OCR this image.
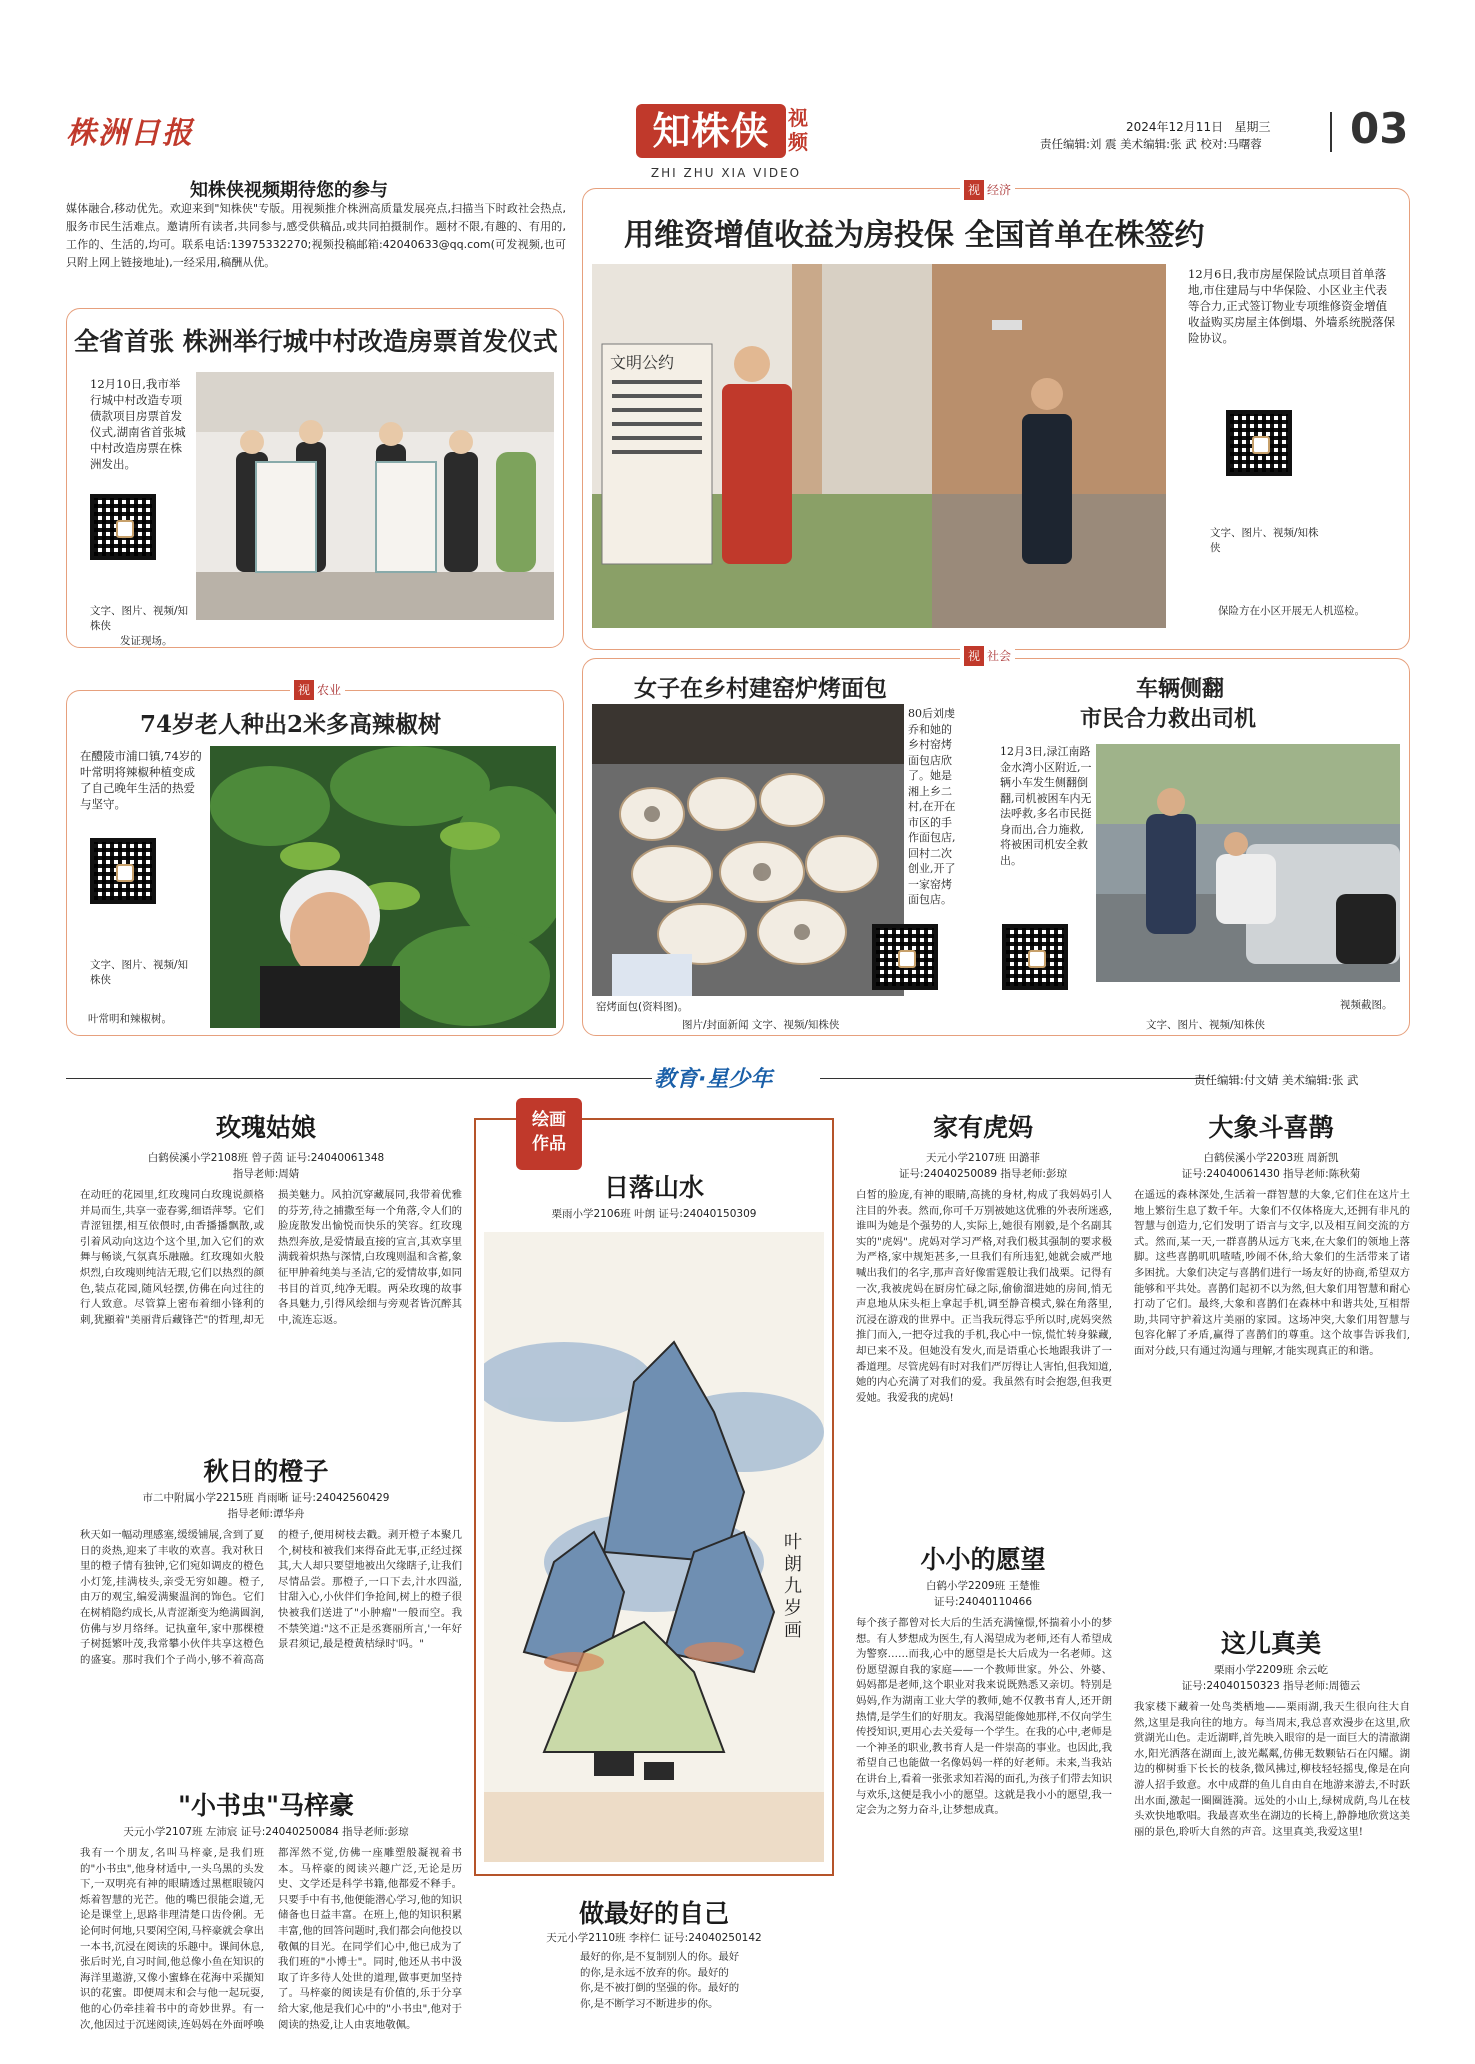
株洲日报	知株侠 视频
ZHI ZHU XIA VIDEO
2024年12月11日 星期三
责任编辑:刘 震 美术编辑:张 武 校对:马曙蓉 03
知株侠视频期待您的参与
媒体融合,移动优先。欢迎来到"知株侠"专版。用视频推介株洲高质量发展亮点,扫描当下时政社会热点,服务市民生活难点。邀请所有读者,共同参与,感受供稿品,或共同拍摄制作。题材不限,有趣的、有用的,工作的、生活的,均可。联系电话:13975332270;视频投稿邮箱:42040633@qq.com(可发视频,也可只附上网上链接地址),一经采用,稿酬从优。
全省首张 株洲举行城中村改造房票首发仪式
12月10日,我市举行城中村改造专项债款项目房票首发仪式,湖南省首张城中村改造房票在株洲发出。
文字、图片、视频/知株侠
发证现场。
视 经济
用维资增值收益为房投保 全国首单在株签约
文明公约
12月6日,我市房屋保险试点项目首单落地,市住建局与中华保险、小区业主代表等合力,正式签订物业专项维修资金增值收益购买房屋主体倒塌、外墙系统脱落保险协议。
文字、图片、视频/知株侠
保险方在小区开展无人机巡检。
视 农业
74岁老人种出2米多高辣椒树
在醴陵市浦口镇,74岁的叶常明将辣椒种植变成了自己晚年生活的热爱与坚守。
文字、图片、视频/知株侠
叶常明和辣椒树。
视 社会
女子在乡村建窑炉烤面包
80后刘虔乔和她的乡村窑烤面包店欣了。她是湘上乡二村,在开在市区的手作面包店,回村二次创业,开了一家窑烤面包店。
窑烤面包(资料图)。
图片/封面新闻 文字、视频/知株侠
车辆侧翻
市民合力救出司机
12月3日,渌江南路金水湾小区附近,一辆小车发生侧翻倒翻,司机被困车内无法呼救,多名市民挺身而出,合力施救,将被困司机安全救出。
视频截图。
文字、图片、视频/知株侠
教育·星少年	责任编辑:付文婧 美术编辑:张 武
玫瑰姑娘
白鹤侯溪小学2108班 曾子茵 证号:24040061348
指导老师:周婧
在动旺的花园里,红玫瑰同白玫瑰说颜格并局而生,共享一壶春雾,细语萍琴。它们青涩钮摆,相互依偎时,由香播播飘散,或引着风动向这边个这个里,加入它们的欢舞与畅谈,气氛真乐融融。红玫瑰如火般炽烈,白玫瑰则纯洁无瑕,它们以热烈的颜色,装点花园,随风轻摆,仿佛在向过往的行人致意。尽管算上密布着细小锋利的刺,犹顯着"美丽背后藏锋芒"的哲理,却无损美魅力。风拍沉穿藏展同,我带着优雅的芬芳,待之捕撒至每一个角落,令人们的脸庞散发出愉悦而快乐的笑容。红玫瑰热烈奔放,是爱情最直接的宣言,其欢享里满载着炽热与深情,白玫瑰则温和含蓄,象征甲肿着纯美与圣洁,它的爱情故事,如同书目的首页,纯净无暇。两朵玫瑰的故事各具魅力,引得风绘细与旁观者皆沉醉其中,流连忘返。
秋日的橙子
市二中附属小学2215班 肖雨晰 证号:24042560429
指导老师:谭华舟
秋天如一幅动理感塞,缓缓铺展,含到了夏日的炎热,迎来了丰收的欢喜。我对秋日里的橙子情有独钟,它们宛如调皮的橙色小灯笼,挂满枝头,亲受无穷如趣。橙子,由万的观宝,编爱满聚温润的饰色。它们在树梢隐约成长,从青涩渐变为绝满圆润,仿佛与岁月络绎。记执童年,家中那棵橙子树挺繁叶茂,我常攀小伙伴共享这橙色的盛宴。那时我们个子尚小,够不着高高的橙子,便用树枝去戳。剥开橙子本聚几个,树枝和被我们来得奋此无事,正经过探其,大人却只要望地被出欠缘瞎子,让我们尽情品尝。那橙子,一口下去,汁水四溢,甘甜入心,小伙伴们争抢间,树上的橙子很快被我们送进了"小肿瘤"一般而空。我不禁笑道:"这不正是丞赛丽所言,'一年好景君须记,最是橙黄桔绿时'吗。"
"小书虫"马梓豪
天元小学2107班 左沛宸 证号:24040250084 指导老师:彭琼
我有一个朋友,名叫马梓豪,是我们班的"小书虫",他身材适中,一头乌黑的头发下,一双明亮有神的眼睛透过黑框眼镜闪烁着智慧的光芒。他的嘴巴很能会道,无论是课堂上,思路非理清楚口齿伶俐。无论何时何地,只要闲空闲,马梓豪就会拿出一本书,沉浸在阅读的乐趣中。课间休息,张后时光,自习时间,他总像小鱼在知识的海洋里遨游,又像小蜜蜂在花海中采撷知识的花蜜。即便周末和会与他一起玩耍,他的心仍牵挂着书中的奇妙世界。有一次,他因过于沉迷阅读,连妈妈在外面呼唤都浑然不觉,仿佛一座雕塑般凝视着书本。马梓豪的阅读兴趣广泛,无论是历史、文学还是科学书籍,他都爱不释手。只要手中有书,他便能潜心学习,他的知识储备也日益丰富。在班上,他的知识积累丰富,他的回答问题时,我们都会向他投以敬佩的目光。在同学们心中,他已成为了我们班的"小博士"。同时,他还从书中汲取了许多待人处世的道理,做事更加坚持了。马梓豪的阅读是有价值的,乐于分享给大家,他是我们心中的"小书虫",他对于阅读的热爱,让人由衷地敬佩。
绘画
作品
日落山水
栗雨小学2106班 叶朗 证号:24040150309
叶朗九岁画
做最好的自己
天元小学2110班 李梓仁 证号:24040250142
最好的你,是不复制别人的你。最好的你,是永远不放弃的你。最好的你,是不被打倒的坚强的你。最好的你,是不断学习不断进步的你。
家有虎妈
天元小学2107班 田潞菲
证号:24040250089 指导老师:彭琼
白皙的脸庞,有神的眼睛,高挑的身材,构成了我妈妈引人注目的外表。然而,你可千万别被她这优雅的外表所迷惑,谁叫为她是个强势的人,实际上,她很有刚毅,是个名副其实的"虎妈"。虎妈对学习严格,对我们极其强制的要求极为严格,家中规矩甚多,一旦我们有所违犯,她就会威严地喊出我们的名字,那声音好像雷霆般让我们战栗。记得有一次,我被虎妈在厨房忙碌之际,偷偷溜进她的房间,悄无声息地从床头柜上拿起手机,调至静音模式,躲在角落里,沉浸在游戏的世界中。正当我玩得忘乎所以时,虎妈突然推门而入,一把夺过我的手机,我心中一惊,慌忙转身躲藏,却已来不及。但她没有发火,而是语重心长地跟我讲了一番道理。尽管虎妈有时对我们严厉得让人害怕,但我知道,她的内心充满了对我们的爱。我虽然有时会抱怨,但我更爱她。我爱我的虎妈!
小小的愿望
白鹤小学2209班 王楚惟
证号:24040110466
每个孩子都曾对长大后的生活充满憧憬,怀揣着小小的梦想。有人梦想成为医生,有人渴望成为老师,还有人希望成为警察……而我,心中的愿望是长大后成为一名老师。这份愿望源自我的家庭——一个教师世家。外公、外婆、妈妈都是老师,这个职业对我来说既熟悉又亲切。特别是妈妈,作为湖南工业大学的教师,她不仅教书育人,还开朗热情,是学生们的好朋友。我渴望能像她那样,不仅向学生传授知识,更用心去关爱每一个学生。在我的心中,老师是一个神圣的职业,教书育人是一件崇高的事业。也因此,我希望自己也能做一名像妈妈一样的好老师。未来,当我站在讲台上,看着一张张求知若渴的面孔,为孩子们带去知识与欢乐,这便是我小小的愿望。这就是我小小的愿望,我一定会为之努力奋斗,让梦想成真。
大象斗喜鹊
白鹤侯溪小学2203班 周新凯
证号:24040061430 指导老师:陈秋菊
在遥远的森林深处,生活着一群智慧的大象,它们住在这片土地上繁衍生息了数千年。大象们不仅体格庞大,还拥有非凡的智慧与创造力,它们发明了语言与文字,以及相互间交流的方式。然而,某一天,一群喜鹊从远方飞来,在大象们的领地上落脚。这些喜鹊叽叽喳喳,吵闹不休,给大象们的生活带来了诸多困扰。大象们决定与喜鹊们进行一场友好的协商,希望双方能够和平共处。喜鹊们起初不以为然,但大象们用智慧和耐心打动了它们。最终,大象和喜鹊们在森林中和谐共处,互相帮助,共同守护着这片美丽的家园。这场冲突,大象们用智慧与包容化解了矛盾,赢得了喜鹊们的尊重。这个故事告诉我们,面对分歧,只有通过沟通与理解,才能实现真正的和谐。
这儿真美
栗雨小学2209班 余云屹
证号:24040150323 指导老师:周德云
我家楼下藏着一处鸟类栖地——栗雨湖,我天生很向往大自然,这里是我向往的地方。每当周末,我总喜欢漫步在这里,欣赏湖光山色。走近湖畔,首先映入眼帘的是一面巨大的清澈湖水,阳光洒落在湖面上,波光粼粼,仿佛无数颗钻石在闪耀。湖边的柳树垂下长长的枝条,微风拂过,柳枝轻轻摇曳,像是在向游人招手致意。水中成群的鱼儿自由自在地游来游去,不时跃出水面,激起一圈圈涟漪。远处的小山上,绿树成荫,鸟儿在枝头欢快地歌唱。我最喜欢坐在湖边的长椅上,静静地欣赏这美丽的景色,聆听大自然的声音。这里真美,我爱这里!
